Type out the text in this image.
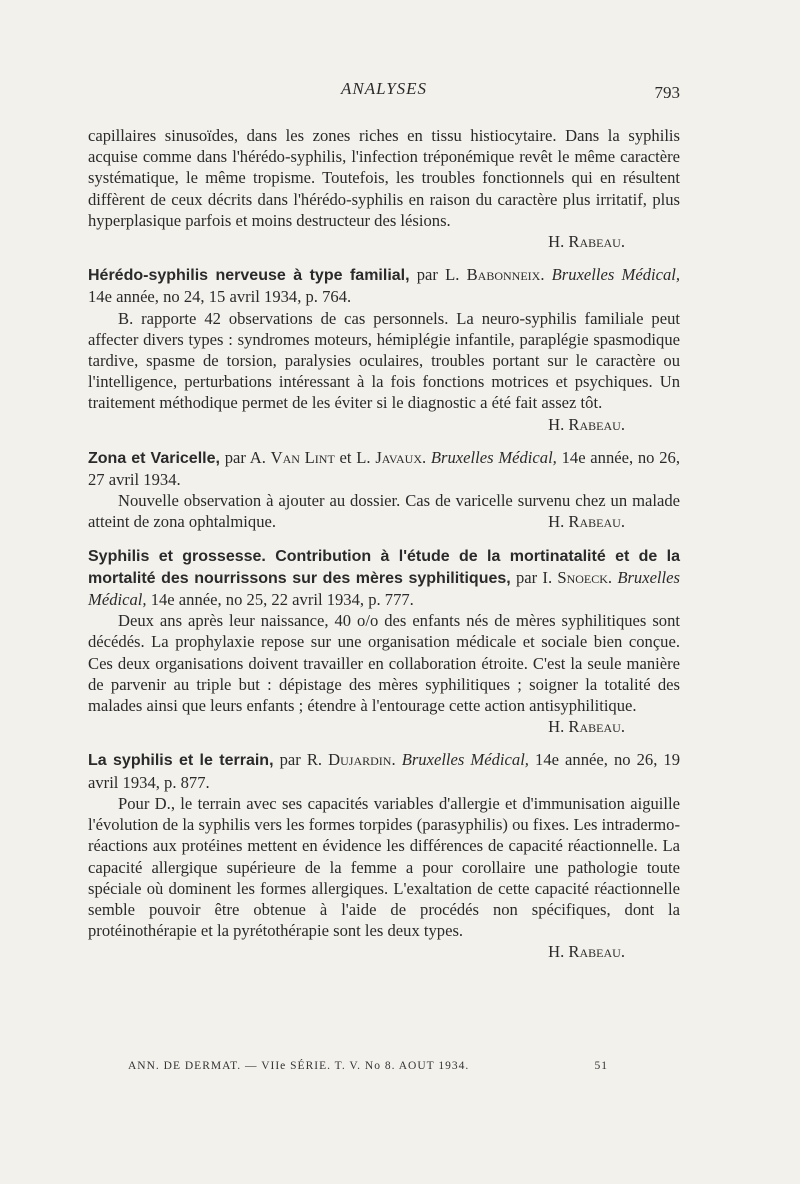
ANALYSES	793

capillaires sinusoïdes, dans les zones riches en tissu histiocytaire. Dans la syphilis acquise comme dans l'hérédo-syphilis, l'infection tréponémique revêt le même caractère systématique, le même tropisme. Toutefois, les troubles fonctionnels qui en résultent diffèrent de ceux décrits dans l'hérédo-syphilis en raison du caractère plus irritatif, plus hyperplasique parfois et moins destructeur des lésions.

H. Rabeau.

Hérédo-syphilis nerveuse à type familial, par L. Babonneix. Bruxelles Médical, 14e année, no 24, 15 avril 1934, p. 764.

B. rapporte 42 observations de cas personnels. La neuro-syphilis familiale peut affecter divers types : syndromes moteurs, hémiplégie infantile, paraplégie spasmodique tardive, spasme de torsion, paralysies oculaires, troubles portant sur le caractère ou l'intelligence, perturbations intéressant à la fois fonctions motrices et psychiques. Un traitement méthodique permet de les éviter si le diagnostic a été fait assez tôt.

H. Rabeau.

Zona et Varicelle, par A. Van Lint et L. Javaux. Bruxelles Médical, 14e année, no 26, 27 avril 1934.

Nouvelle observation à ajouter au dossier. Cas de varicelle survenu chez un malade atteint de zona ophtalmique.	H. Rabeau.

Syphilis et grossesse. Contribution à l'étude de la mortinatalité et de la mortalité des nourrissons sur des mères syphilitiques, par I. Snoeck. Bruxelles Médical, 14e année, no 25, 22 avril 1934, p. 777.

Deux ans après leur naissance, 40 o/o des enfants nés de mères syphilitiques sont décédés. La prophylaxie repose sur une organisation médicale et sociale bien conçue. Ces deux organisations doivent travailler en collaboration étroite. C'est la seule manière de parvenir au triple but : dépistage des mères syphilitiques ; soigner la totalité des malades ainsi que leurs enfants ; étendre à l'entourage cette action antisyphilitique.

H. Rabeau.

La syphilis et le terrain, par R. Dujardin. Bruxelles Médical, 14e année, no 26, 19 avril 1934, p. 877.

Pour D., le terrain avec ses capacités variables d'allergie et d'immunisation aiguille l'évolution de la syphilis vers les formes torpides (parasyphilis) ou fixes. Les intradermo-réactions aux protéines mettent en évidence les différences de capacité réactionnelle. La capacité allergique supérieure de la femme a pour corollaire une pathologie toute spéciale où dominent les formes allergiques. L'exaltation de cette capacité réactionnelle semble pouvoir être obtenue à l'aide de procédés non spécifiques, dont la protéinothérapie et la pyrétothérapie sont les deux types.

H. Rabeau.

ANN. DE DERMAT. — VIIe SÉRIE. T. V. No 8. AOUT 1934.	51
